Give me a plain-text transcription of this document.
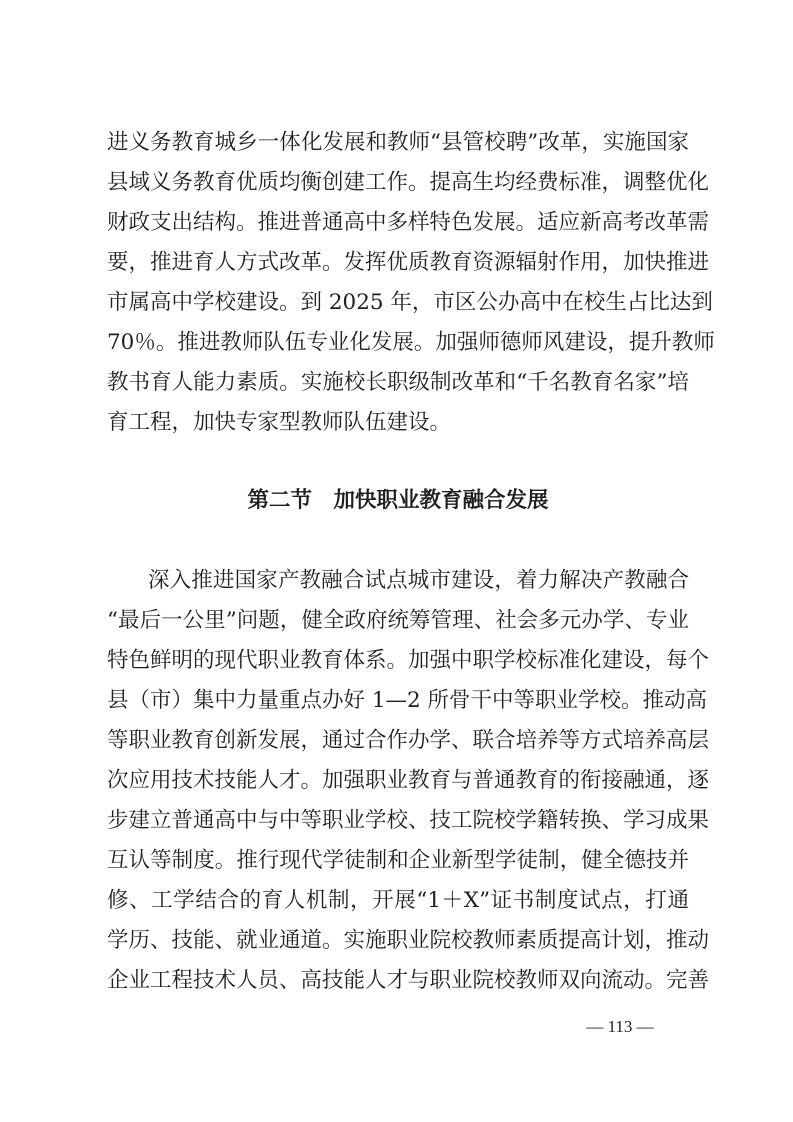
进义务教育城乡一体化发展和教师“县管校聘”改革，实施国家
县域义务教育优质均衡创建工作。提高生均经费标准，调整优化
财政支出结构。推进普通高中多样特色发展。适应新高考改革需
要，推进育人方式改革。发挥优质教育资源辐射作用，加快推进
市属高中学校建设。到 2025 年，市区公办高中在校生占比达到
70％。推进教师队伍专业化发展。加强师德师风建设，提升教师
教书育人能力素质。实施校长职级制改革和“千名教育名家”培
育工程，加快专家型教师队伍建设。
第二节　加快职业教育融合发展
深入推进国家产教融合试点城市建设，着力解决产教融合
“最后一公里”问题，健全政府统筹管理、社会多元办学、专业
特色鲜明的现代职业教育体系。加强中职学校标准化建设，每个
县（市）集中力量重点办好 1—2 所骨干中等职业学校。推动高
等职业教育创新发展，通过合作办学、联合培养等方式培养高层
次应用技术技能人才。加强职业教育与普通教育的衔接融通，逐
步建立普通高中与中等职业学校、技工院校学籍转换、学习成果
互认等制度。推行现代学徒制和企业新型学徒制，健全德技并
修、工学结合的育人机制，开展“1＋X”证书制度试点，打通
学历、技能、就业通道。实施职业院校教师素质提高计划，推动
企业工程技术人员、高技能人才与职业院校教师双向流动。完善
— 113 —
